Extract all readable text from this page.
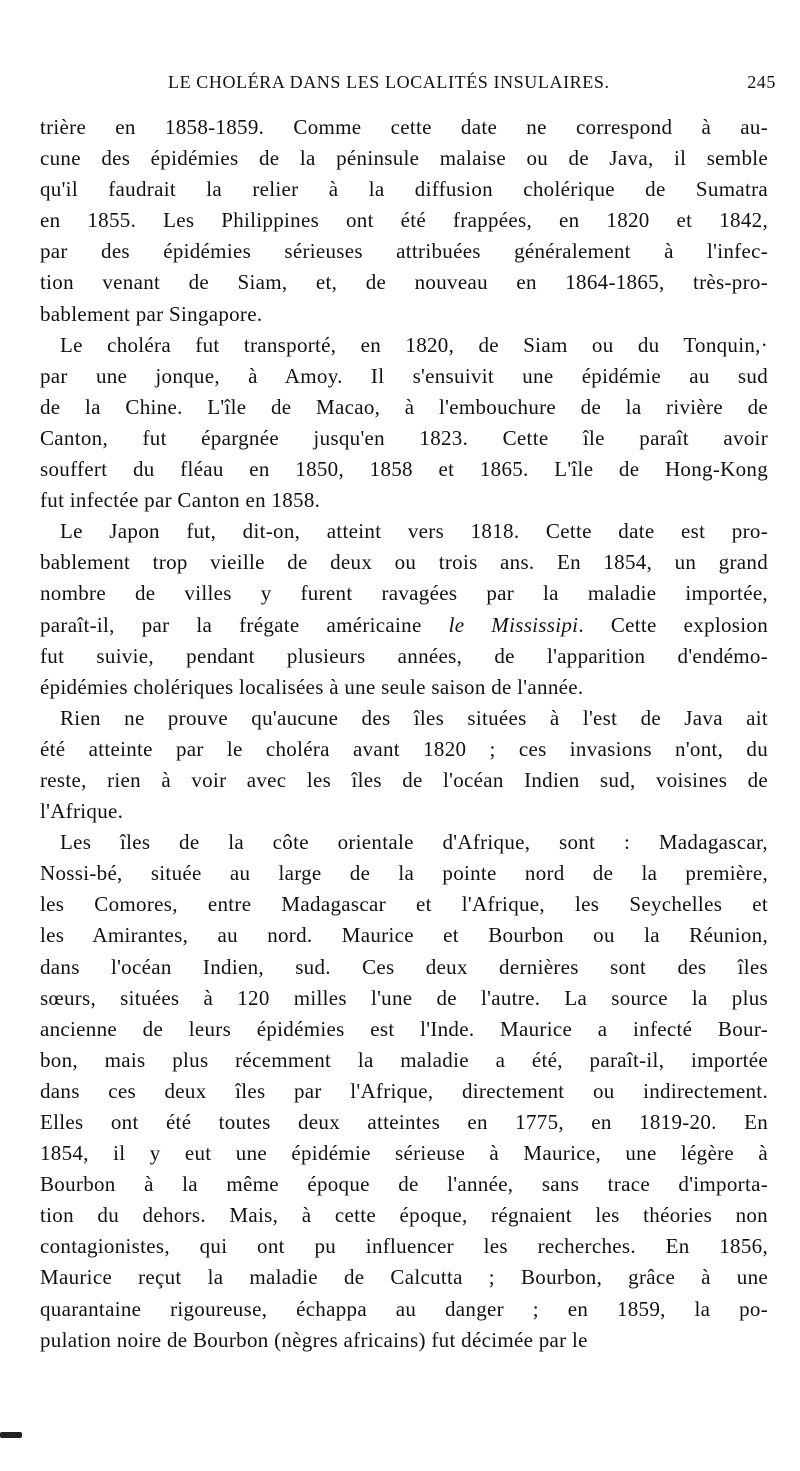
LE CHOLÉRA DANS LES LOCALITÉS INSULAIRES.	245
trière en 1858-1859. Comme cette date ne correspond à au-
cune des épidémies de la péninsule malaise ou de Java, il semble
qu'il faudrait la relier à la diffusion cholérique de Sumatra
en 1855. Les Philippines ont été frappées, en 1820 et 1842,
par des épidémies sérieuses attribuées généralement à l'infec-
tion venant de Siam, et, de nouveau en 1864-1865, très-pro-
bablement par Singapore.
Le choléra fut transporté, en 1820, de Siam ou du Tonquin,·
par une jonque, à Amoy. Il s'ensuivit une épidémie au sud
de la Chine. L'île de Macao, à l'embouchure de la rivière de
Canton, fut épargnée jusqu'en 1823. Cette île paraît avoir
souffert du fléau en 1850, 1858 et 1865. L'île de Hong-Kong
fut infectée par Canton en 1858.
Le Japon fut, dit-on, atteint vers 1818. Cette date est pro-
bablement trop vieille de deux ou trois ans. En 1854, un grand
nombre de villes y furent ravagées par la maladie importée,
paraît-il, par la frégate américaine le Mississipi. Cette explosion
fut suivie, pendant plusieurs années, de l'apparition d'endémo-
épidémies cholériques localisées à une seule saison de l'année.
Rien ne prouve qu'aucune des îles situées à l'est de Java ait
été atteinte par le choléra avant 1820 ; ces invasions n'ont, du
reste, rien à voir avec les îles de l'océan Indien sud, voisines de
l'Afrique.
Les îles de la côte orientale d'Afrique, sont : Madagascar,
Nossi-bé, située au large de la pointe nord de la première,
les Comores, entre Madagascar et l'Afrique, les Seychelles et
les Amirantes, au nord. Maurice et Bourbon ou la Réunion,
dans l'océan Indien, sud. Ces deux dernières sont des îles
sœurs, situées à 120 milles l'une de l'autre. La source la plus
ancienne de leurs épidémies est l'Inde. Maurice a infecté Bour-
bon, mais plus récemment la maladie a été, paraît-il, importée
dans ces deux îles par l'Afrique, directement ou indirectement.
Elles ont été toutes deux atteintes en 1775, en 1819-20. En
1854, il y eut une épidémie sérieuse à Maurice, une légère à
Bourbon à la même époque de l'année, sans trace d'importa-
tion du dehors. Mais, à cette époque, régnaient les théories non
contagionistes, qui ont pu influencer les recherches. En 1856,
Maurice reçut la maladie de Calcutta ; Bourbon, grâce à une
quarantaine rigoureuse, échappa au danger ; en 1859, la po-
pulation noire de Bourbon (nègres africains) fut décimée par le
